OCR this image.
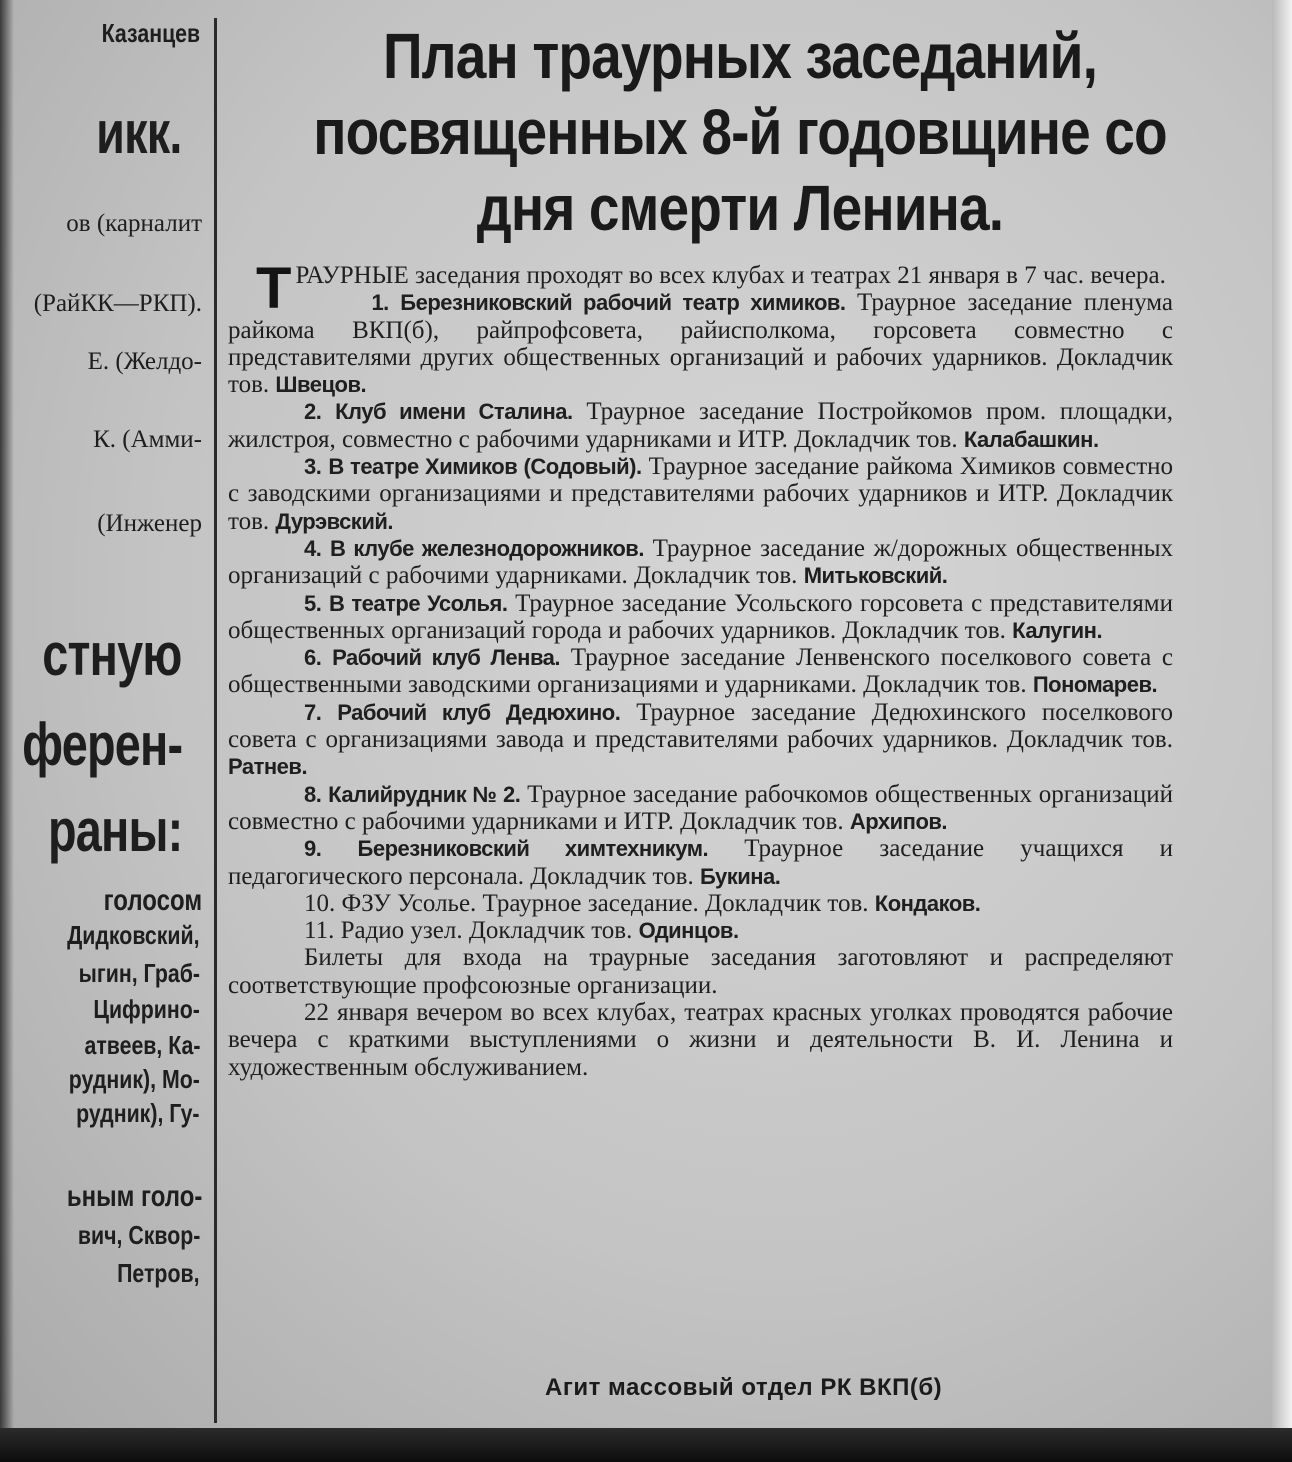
Казанцев
икк.
ов (карналит
(РайКК—РКП).
Е. (Желдо-
К. (Амми-
(Инженер
стную
ферен-
раны:
голосом
Дидковский,
ыгин, Граб-
Цифрино-
атвеев, Ка-
рудник), Мо-
рудник), Гу-
ьным голо-
вич, Сквор-
Петров,
План траурных заседаний,
посвященных 8-й годовщине со
дня смерти Ленина.

ТРАУРНЫЕ заседания проходят во всех клубах и театрах 21 января в 7 час. вечера.

1. Березниковский рабочий театр химиков. Траурное заседание пленума райкома ВКП(б), райпрофсовета, райисполкома, горсовета совместно с представителями других общественных организаций и рабочих ударников. Докладчик тов. Швецов.

2. Клуб имени Сталина. Траурное заседание Постройкомов пром. площадки, жилстроя, совместно с рабочими ударниками и ИТР. Докладчик тов. Калабашкин.

3. В театре Химиков (Содовый). Траурное заседание райкома Химиков совместно с заводскими организациями и представителями рабочих ударников и ИТР. Докладчик тов. Дурэвский.

4. В клубе железнодорожников. Траурное заседание ж/дорожных общественных организаций с рабочими ударниками. Докладчик тов. Митьковский.

5. В театре Усолья. Траурное заседание Усольского горсовета с представителями общественных организаций города и рабочих ударников. Докладчик тов. Калугин.

6. Рабочий клуб Ленва. Траурное заседание Ленвенского поселкового совета с общественными заводскими организациями и ударниками. Докладчик тов. Пономарев.

7. Рабочий клуб Дедюхино. Траурное заседание Дедюхинского поселкового совета с организациями завода и представителями рабочих ударников. Докладчик тов. Ратнев.

8. Калийрудник № 2. Траурное заседание рабочкомов общественных организаций совместно с рабочими ударниками и ИТР. Докладчик тов. Архипов.

9. Березниковский химтехникум. Траурное заседание учащихся и педагогического персонала. Докладчик тов. Букина.

10. ФЗУ Усолье. Траурное заседание. Докладчик тов. Кондаков.

11. Радио узел. Докладчик тов. Одинцов.

Билеты для входа на траурные заседания заготовляют и распределяют соответствующие профсоюзные организации.

22 января вечером во всех клубах, театрах красных уголках проводятся рабочие вечера с краткими выступлениями о жизни и деятельности В. И. Ленина и художественным обслуживанием.

Агит массовый отдел РК ВКП(б)
